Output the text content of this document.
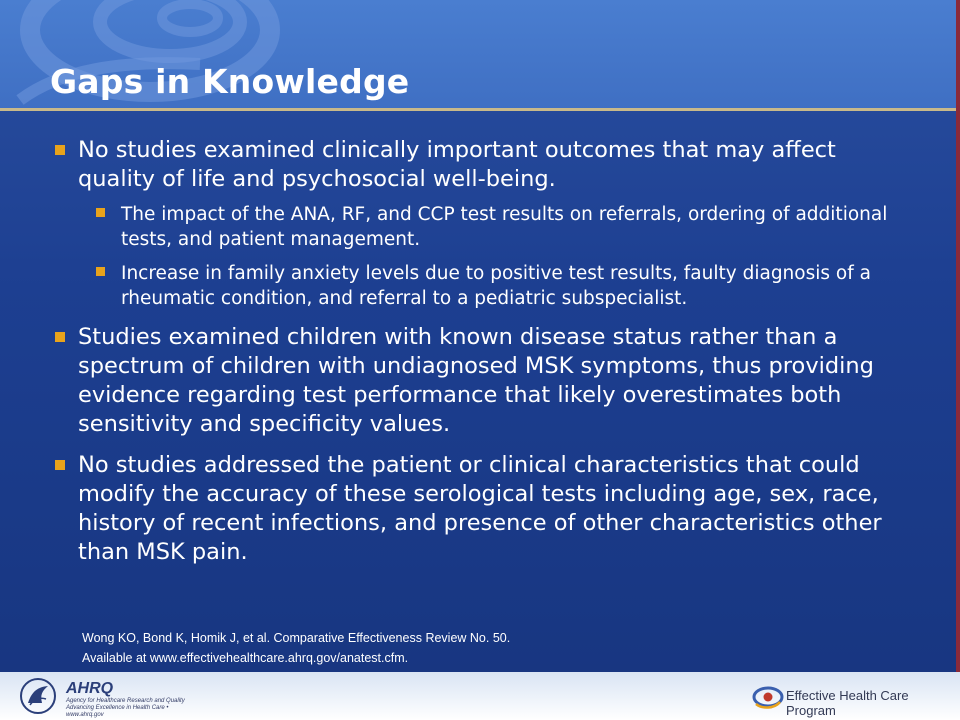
Gaps in Knowledge
No studies examined clinically important outcomes that may affect quality of life and psychosocial well-being.
The impact of the ANA, RF, and CCP test results on referrals, ordering of additional tests, and patient management.
Increase in family anxiety levels due to positive test results, faulty diagnosis of a rheumatic condition, and referral to a pediatric subspecialist.
Studies examined children with known disease status rather than a spectrum of children with undiagnosed MSK symptoms, thus providing evidence regarding test performance that likely overestimates both sensitivity and specificity values.
No studies addressed the patient or clinical characteristics that could modify the accuracy of these serological tests including age, sex, race, history of recent infections, and presence of other characteristics other than MSK pain.
Wong KO, Bond K, Homik J, et al. Comparative Effectiveness Review No. 50.
Available at www.effectivehealthcare.ahrq.gov/anatest.cfm.
AHRQ
Agency for Healthcare Research and Quality
Advancing Excellence in Health Care • www.ahrq.gov
Effective Health Care Program
